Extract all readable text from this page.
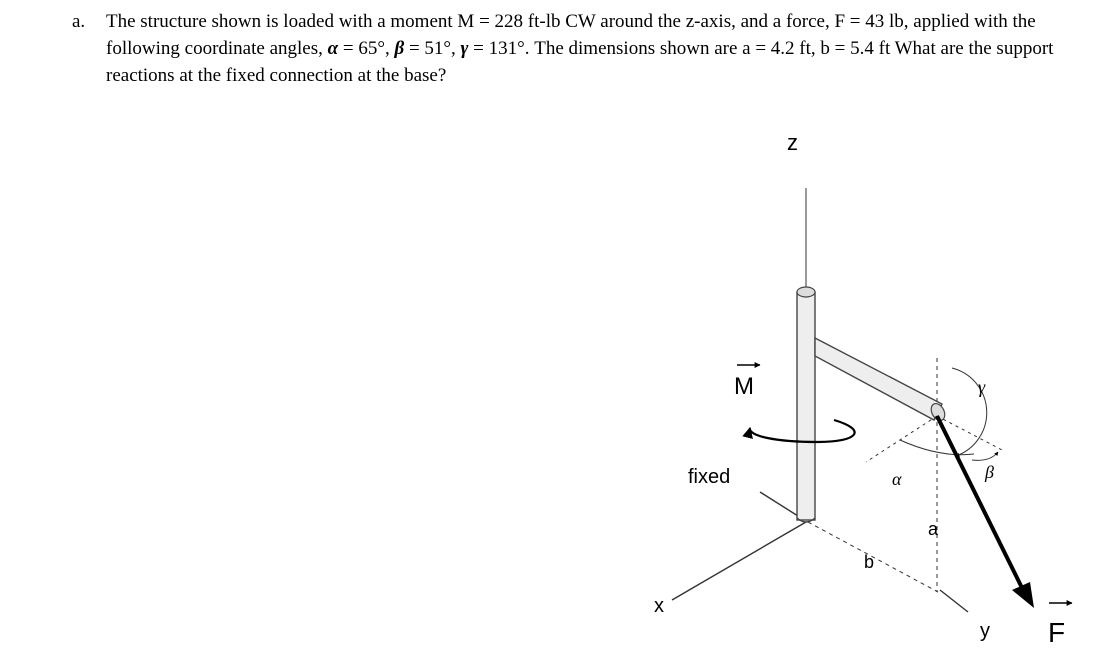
a. The structure shown is loaded with a moment M = 228 ft-lb CW around the z-axis, and a force, F = 43 lb, applied with the following coordinate angles, α = 65°, β = 51°, γ = 131°. The dimensions shown are a = 4.2 ft, b = 5.4 ft What are the support reactions at the fixed connection at the base?
z
M
fixed
x
y
a
b
α	β
γ
F
